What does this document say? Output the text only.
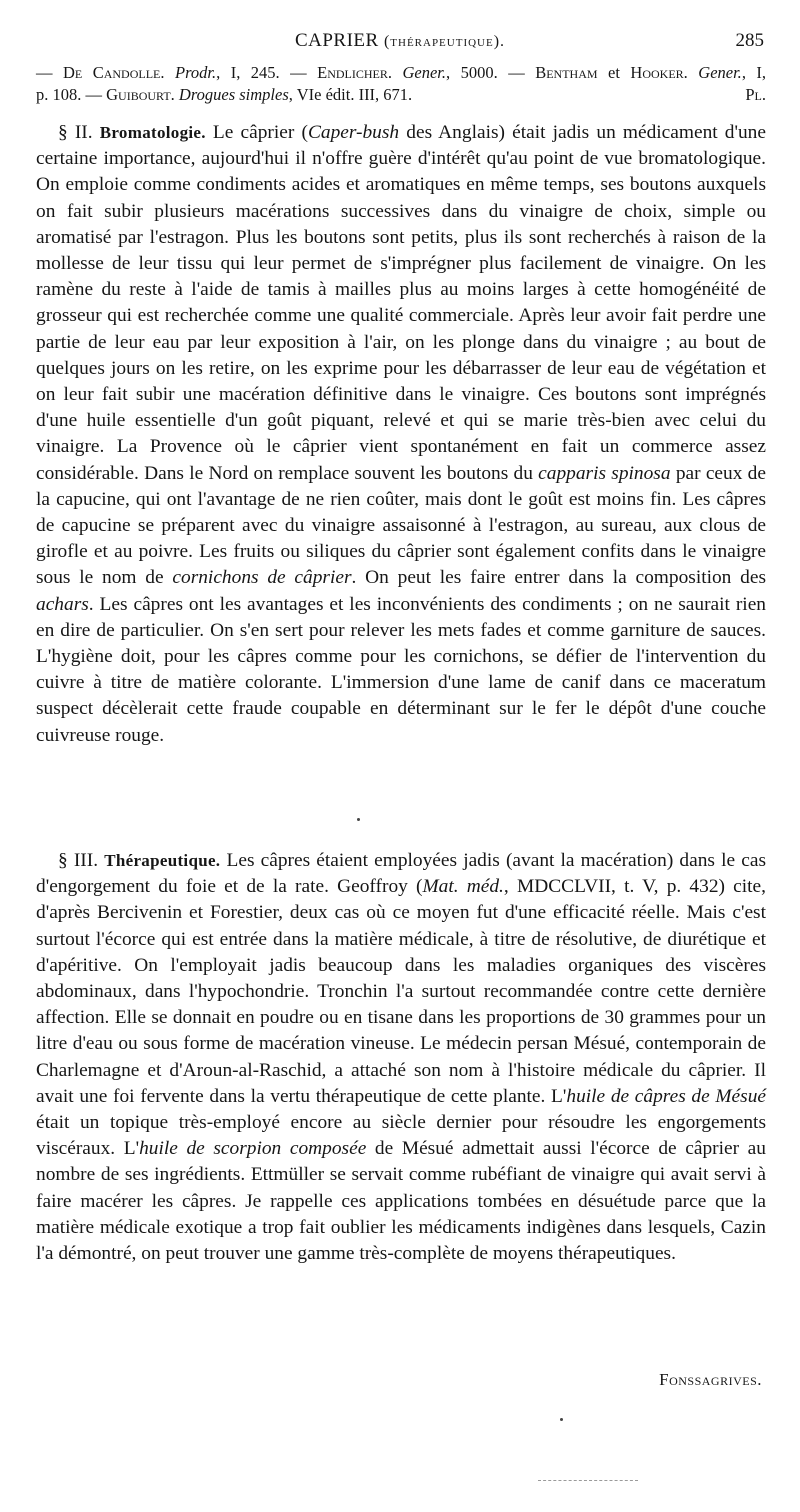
CAPRIER (thérapeutique).	285
— De Candolle. Prodr., I, 245. — Endlicher. Gener., 5000. — Bentham et Hooker. Gener., I,
p. 108. — Guibourt. Drogues simples, VIe édit. III, 671.	Pl.
§ II. Bromatologie. Le câprier (Caper-bush des Anglais) était jadis un médicament d'une certaine importance, aujourd'hui il n'offre guère d'intérêt qu'au point de vue bromatologique. On emploie comme condiments acides et aromatiques en même temps, ses boutons auxquels on fait subir plusieurs macérations successives dans du vinaigre de choix, simple ou aromatisé par l'estragon. Plus les boutons sont petits, plus ils sont recherchés à raison de la mollesse de leur tissu qui leur permet de s'imprégner plus facilement de vinaigre. On les ramène du reste à l'aide de tamis à mailles plus au moins larges à cette homogénéité de grosseur qui est recherchée comme une qualité commerciale. Après leur avoir fait perdre une partie de leur eau par leur exposition à l'air, on les plonge dans du vinaigre ; au bout de quelques jours on les retire, on les exprime pour les débarrasser de leur eau de végétation et on leur fait subir une macération définitive dans le vinaigre. Ces boutons sont imprégnés d'une huile essentielle d'un goût piquant, relevé et qui se marie très-bien avec celui du vinaigre. La Provence où le câprier vient spontanément en fait un commerce assez considérable. Dans le Nord on remplace souvent les boutons du capparis spinosa par ceux de la capucine, qui ont l'avantage de ne rien coûter, mais dont le goût est moins fin. Les câpres de capucine se préparent avec du vinaigre assaisonné à l'estragon, au sureau, aux clous de girofle et au poivre. Les fruits ou siliques du câprier sont également confits dans le vinaigre sous le nom de cornichons de câprier. On peut les faire entrer dans la composition des achars. Les câpres ont les avantages et les inconvénients des condiments ; on ne saurait rien en dire de particulier. On s'en sert pour relever les mets fades et comme garniture de sauces. L'hygiène doit, pour les câpres comme pour les cornichons, se défier de l'intervention du cuivre à titre de matière colorante. L'immersion d'une lame de canif dans ce maceratum suspect décèlerait cette fraude coupable en déterminant sur le fer le dépôt d'une couche cuivreuse rouge.
§ III. Thérapeutique. Les câpres étaient employées jadis (avant la macération) dans le cas d'engorgement du foie et de la rate. Geoffroy (Mat. méd., MDCCLVII, t. V, p. 432) cite, d'après Bercivenin et Forestier, deux cas où ce moyen fut d'une efficacité réelle. Mais c'est surtout l'écorce qui est entrée dans la matière médicale, à titre de résolutive, de diurétique et d'apéritive. On l'employait jadis beaucoup dans les maladies organiques des viscères abdominaux, dans l'hypochondrie. Tronchin l'a surtout recommandée contre cette dernière affection. Elle se donnait en poudre ou en tisane dans les proportions de 30 grammes pour un litre d'eau ou sous forme de macération vineuse. Le médecin persan Mésué, contemporain de Charlemagne et d'Aroun-al-Raschid, a attaché son nom à l'histoire médicale du câprier. Il avait une foi fervente dans la vertu thérapeutique de cette plante. L'huile de câpres de Mésué était un topique très-employé encore au siècle dernier pour résoudre les engorgements viscéraux. L'huile de scorpion composée de Mésué admettait aussi l'écorce de câprier au nombre de ses ingrédients. Ettmüller se servait comme rubéfiant de vinaigre qui avait servi à faire macérer les câpres. Je rappelle ces applications tombées en désuétude parce que la matière médicale exotique a trop fait oublier les médicaments indigènes dans lesquels, Cazin l'a démontré, on peut trouver une gamme très-complète de moyens thérapeutiques.
Fonssagrives.
